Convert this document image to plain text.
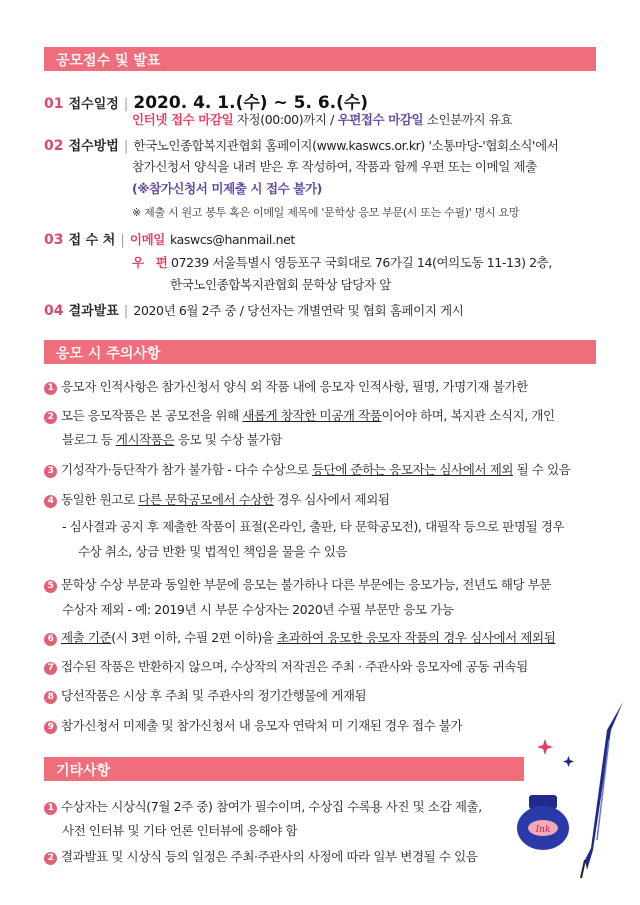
공모접수 및 발표
01 접수일정 | 2020. 4. 1.(수) ~ 5. 6.(수)
인터넷 접수 마감일 자정(00:00)까지 / 우편접수 마감일 소인분까지 유효
02 접수방법 | 한국노인종합복지관협회 홈페이지(www.kaswcs.or.kr) '소통마당-'협회소식'에서
참가신청서 양식을 내려 받은 후 작성하여, 작품과 함께 우편 또는 이메일 제출
(※참가신청서 미제출 시 접수 불가)
※ 제출 시 원고 봉투 혹은 이메일 제목에 '문학상 응모 부문(시 또는 수필)' 명시 요망
03 접 수 처 | 이메일 kaswcs@hanmail.net
우　편 07239 서울특별시 영등포구 국회대로 76가길 14(여의도동 11-13) 2층,
한국노인종합복지관협회 문학상 담당자 앞
04 결과발표 | 2020년 6월 2주 중 / 당선자는 개별연락 및 협회 홈페이지 게시
응모 시 주의사항
1 응모자 인적사항은 참가신청서 양식 외 작품 내에 응모자 인적사항, 필명, 가명기재 불가한
2 모든 응모작품은 본 공모전을 위해 새롭게 창작한 미공개 작품이어야 하며, 복지관 소식지, 개인
블로그 등 게시작품은 응모 및 수상 불가함
3 기성작가·등단작가 참가 불가함 - 다수 수상으로 등단에 준하는 응모자는 심사에서 제외 될 수 있음
4 동일한 원고로 다른 문학공모에서 수상한 경우 심사에서 제외됨
- 심사결과 공지 후 제출한 작품이 표절(온라인, 출판, 타 문학공모전), 대필작 등으로 판명될 경우
수상 취소, 상금 반환 및 법적인 책임을 물을 수 있음
5 문학상 수상 부문과 동일한 부문에 응모는 불가하나 다른 부문에는 응모가능, 전년도 해당 부문
수상자 제외 - 예: 2019년 시 부문 수상자는 2020년 수필 부문만 응모 가능
6 제출 기준(시 3편 이하, 수필 2편 이하)을 초과하여 응모한 응모자 작품의 경우 심사에서 제외됨
7 접수된 작품은 반환하지 않으며, 수상작의 저작권은 주최 · 주관사와 응모자에 공동 귀속됨
8 당선작품은 시상 후 주최 및 주관사의 정기간행물에 게재됨
9 참가신청서 미제출 및 참가신청서 내 응모자 연락처 미 기재된 경우 접수 불가
기타사항
1 수상자는 시상식(7월 2주 중) 참여가 필수이며, 수상집 수록용 사진 및 소감 제출,
사전 인터뷰 및 기타 언론 인터뷰에 응해야 함
2 결과발표 및 시상식 등의 일정은 주최·주관사의 사정에 따라 일부 변경될 수 있음
Ink
